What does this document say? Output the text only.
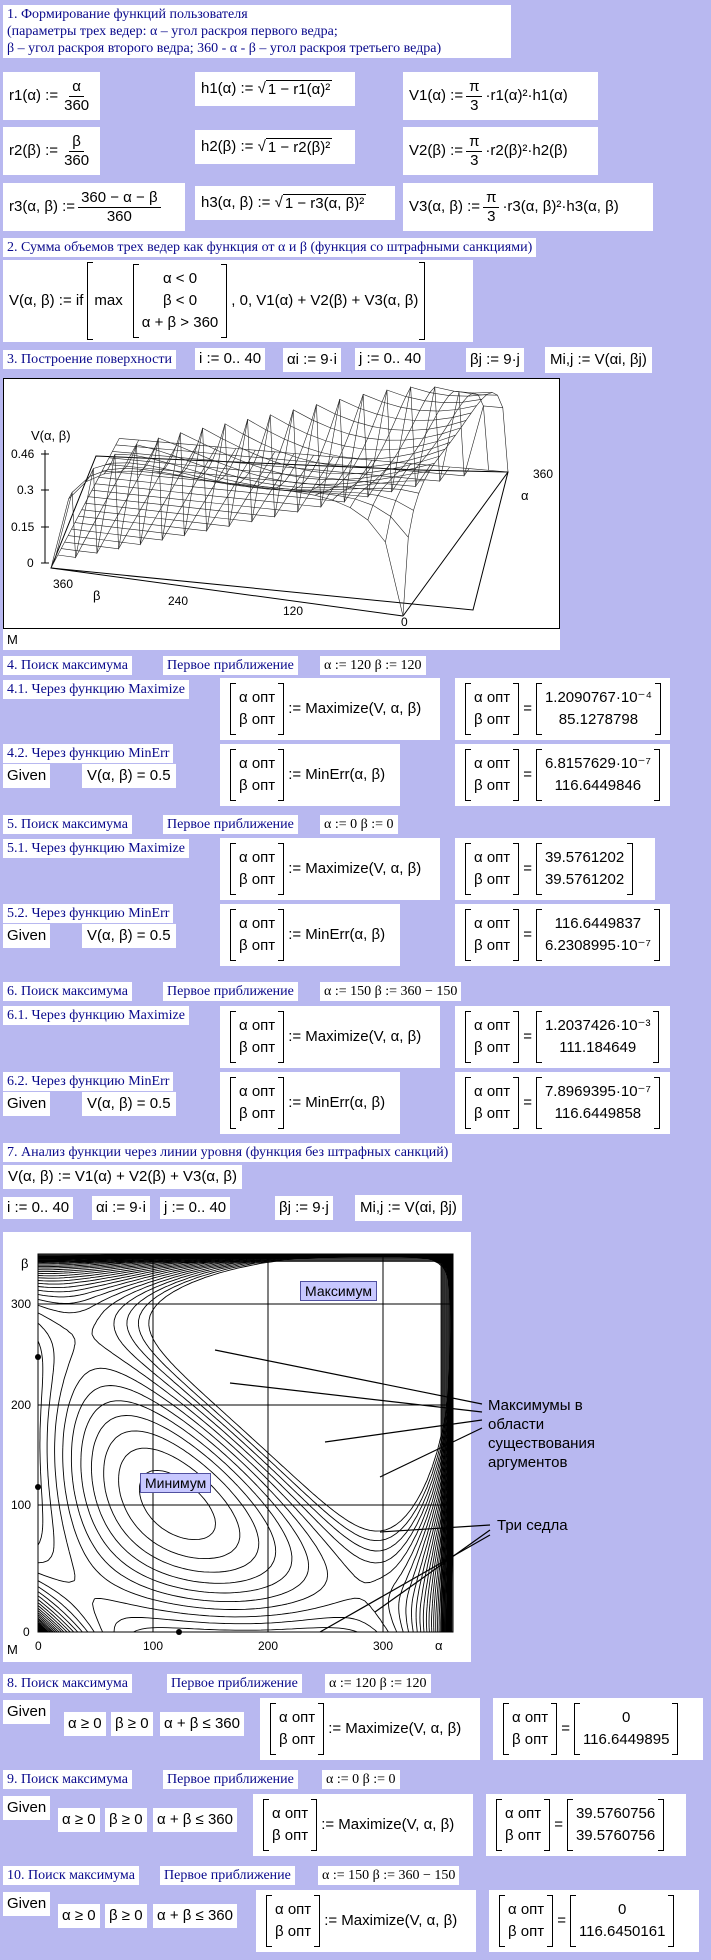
1. Формирование функций пользователя
(параметры трех ведер: α – угол раскроя первого ведра;
β – угол раскроя второго ведра; 360 - α - β – угол раскроя третьего ведра)
r1(α) := $\frac{\alpha}{360}$	h1(α) := √ 1 − r1(α)²	V1(α) := $\frac{\pi}{3} \cdot r1(\alpha)^2\cdot h1(\alpha)$
r2(β) := $\frac{\beta}{360}$	h2(β) := √ 1 − r2(β)²	V2(β) := $\frac{\pi}{3} \cdot r2(\beta)^2\cdot h2(\beta)$
r3(α, β) := $\frac{360 - \alpha - \beta}{360}$	h3(α, β) := √ 1 − r3(α, β)²	V3(α, β) := $\frac{\pi}{3} \cdot r3(\alpha$, β)²·h3(α, β)
2. Сумма объемов трех ведер как функция от α и β (функция со штрафными санкциями)
V(α, β) := if max
α < 0
β < 0
α + β > 360
, 0, V1(α) + V2(β) + V3(α, β)
3. Построение поверхности i := 0.. 40 αi := 9·i j := 0.. 40	βj := 9·j	Mi,j := V(αi, βj)
V(α, β)
0.46
0.3
0.15
0
360
β	240
120
0
360
α
M
4. Поиск максимума	Первое приближение α := 120 β := 120
4.1. Через функцию Maximize	α опт
β опт
:= Maximize(V, α, β)
α опт
β опт
=
1.2090767·10⁻⁴
85.1278798
4.2. Через функцию MinErr
Given	V(α, β) = 0.5
α опт
β опт
:= MinErr(α, β)
α опт
β опт
=
6.8157629·10⁻⁷
116.6449846
5. Поиск максимума	Первое приближение α := 0 β := 0
5.1. Через функцию Maximize
α опт
β опт
:= Maximize(V, α, β)
α опт
β опт
=
39.5761202
39.5761202
5.2. Через функцию MinErr
Given	V(α, β) = 0.5
α опт
β опт
:= MinErr(α, β)
α опт
β опт
=
116.6449837
6.2308995·10⁻⁷
6. Поиск максимума	Первое приближение α := 150 β := 360 − 150
6.1. Через функцию Maximize
α опт
β опт
:= Maximize(V, α, β)
α опт
β опт
=
1.2037426·10⁻³
111.184649
6.2. Через функцию MinErr
Given	V(α, β) = 0.5
α опт
β опт
:= MinErr(α, β)
α опт
β опт
=
7.8969395·10⁻⁷
116.6449858
7. Анализ функции через линии уровня (функция без штрафных санкций)
V(α, β) := V1(α) + V2(β) + V3(α, β)
i := 0.. 40 αi := 9·i j := 0.. 40	βj := 9·j	Mi,j := V(αi, βj)
β
300
200
100
0
0	100	200	300	α
Максимум
Минимум
M
Максимумы в
области
существования
аргументов
Три седла
8. Поиск максимума	Первое приближение α := 120 β := 120
Given
α ≥ 0 β ≥ 0 α + β ≤ 360	α опт
β опт
:= Maximize(V, α, β)
α опт
β опт
=
0
116.6449895
9. Поиск максимума	Первое приближение α := 0 β := 0
Given
α ≥ 0 β ≥ 0 α + β ≤ 360	α опт
β опт
:= Maximize(V, α, β)
α опт
β опт
=
39.5760756
39.5760756
10. Поиск максимума Первое приближение α := 150 β := 360 − 150
Given
α ≥ 0 β ≥ 0 α + β ≤ 360	α опт
β опт
:= Maximize(V, α, β)
α опт
β опт
=
0
116.6450161
